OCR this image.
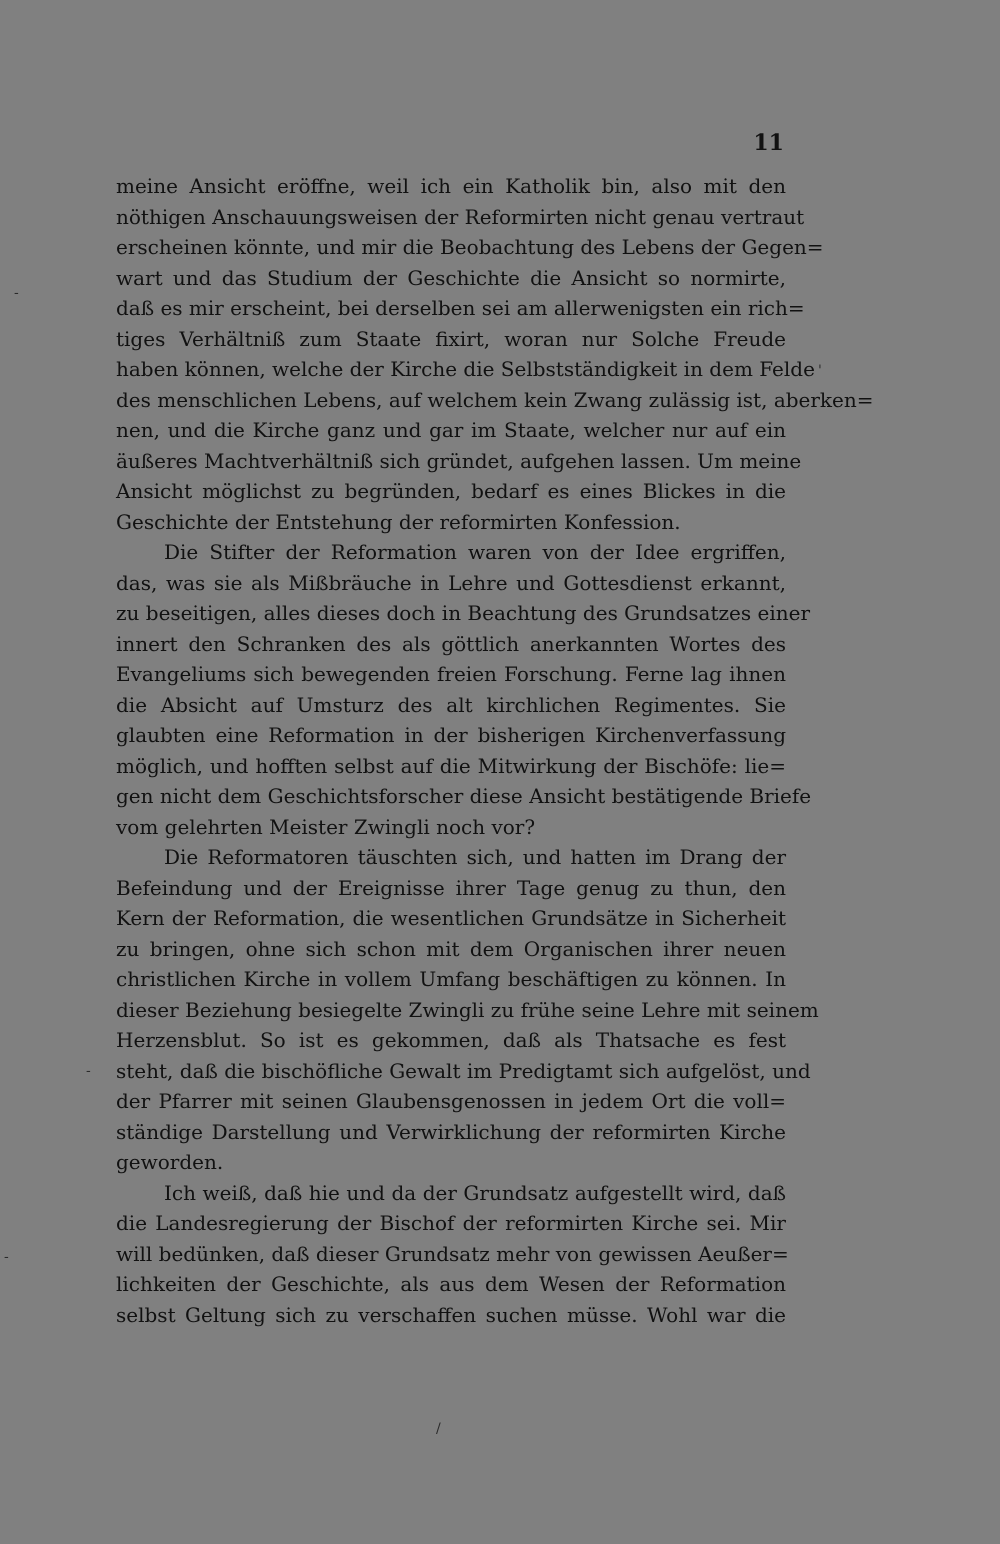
11
meine Ansicht eröffne, weil ich ein Katholik bin, also mit den
nöthigen Anschauungsweisen der Reformirten nicht genau vertraut
erscheinen könnte, und mir die Beobachtung des Lebens der Gegen=
wart und das Studium der Geschichte die Ansicht so normirte,
daß es mir erscheint, bei derselben sei am allerwenigsten ein rich=
tiges Verhältniß zum Staate fixirt, woran nur Solche Freude
haben können, welche der Kirche die Selbstständigkeit in dem Felde
des menschlichen Lebens, auf welchem kein Zwang zulässig ist, aberken=
nen, und die Kirche ganz und gar im Staate, welcher nur auf ein
äußeres Machtverhältniß sich gründet, aufgehen lassen. Um meine
Ansicht möglichst zu begründen, bedarf es eines Blickes in die
Geschichte der Entstehung der reformirten Konfession.
Die Stifter der Reformation waren von der Idee ergriffen,
das, was sie als Mißbräuche in Lehre und Gottesdienst erkannt,
zu beseitigen, alles dieses doch in Beachtung des Grundsatzes einer
innert den Schranken des als göttlich anerkannten Wortes des
Evangeliums sich bewegenden freien Forschung. Ferne lag ihnen
die Absicht auf Umsturz des alt kirchlichen Regimentes. Sie
glaubten eine Reformation in der bisherigen Kirchenverfassung
möglich, und hofften selbst auf die Mitwirkung der Bischöfe: lie=
gen nicht dem Geschichtsforscher diese Ansicht bestätigende Briefe
vom gelehrten Meister Zwingli noch vor?
Die Reformatoren täuschten sich, und hatten im Drang der
Befeindung und der Ereignisse ihrer Tage genug zu thun, den
Kern der Reformation, die wesentlichen Grundsätze in Sicherheit
zu bringen, ohne sich schon mit dem Organischen ihrer neuen
christlichen Kirche in vollem Umfang beschäftigen zu können. In
dieser Beziehung besiegelte Zwingli zu frühe seine Lehre mit seinem
Herzensblut. So ist es gekommen, daß als Thatsache es fest
steht, daß die bischöfliche Gewalt im Predigtamt sich aufgelöst, und
der Pfarrer mit seinen Glaubensgenossen in jedem Ort die voll=
ständige Darstellung und Verwirklichung der reformirten Kirche
geworden.
Ich weiß, daß hie und da der Grundsatz aufgestellt wird, daß
die Landesregierung der Bischof der reformirten Kirche sei. Mir
will bedünken, daß dieser Grundsatz mehr von gewissen Aeußer=
lichkeiten der Geschichte, als aus dem Wesen der Reformation
selbst Geltung sich zu verschaffen suchen müsse. Wohl war die
-
'
-
-
/
